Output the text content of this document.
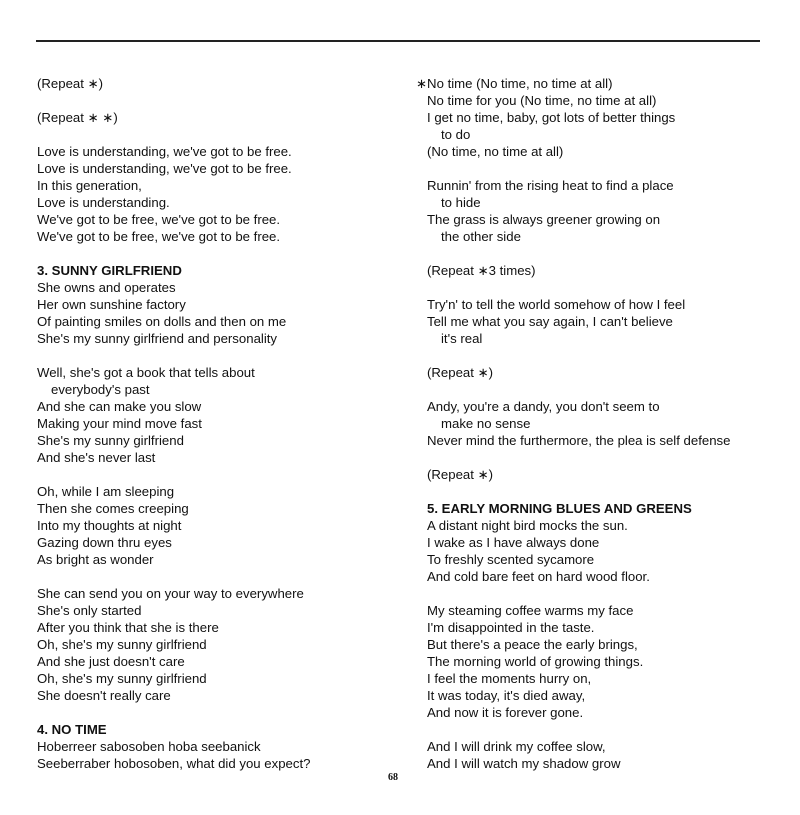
(Repeat ∗)
(Repeat ∗ ∗)
Love is understanding, we've got to be free.
Love is understanding, we've got to be free.
In this generation,
Love is understanding.
We've got to be free, we've got to be free.
We've got to be free, we've got to be free.
3. SUNNY GIRLFRIEND
She owns and operates
Her own sunshine factory
Of painting smiles on dolls and then on me
She's my sunny girlfriend and personality
Well, she's got a book that tells about
everybody's past
And she can make you slow
Making your mind move fast
She's my sunny girlfriend
And she's never last
Oh, while I am sleeping
Then she comes creeping
Into my thoughts at night
Gazing down thru eyes
As bright as wonder
She can send you on your way to everywhere
She's only started
After you think that she is there
Oh, she's my sunny girlfriend
And she just doesn't care
Oh, she's my sunny girlfriend
She doesn't really care
4. NO TIME
Hoberreer sabosoben hoba seebanick
Seeberraber hobosoben, what did you expect?
∗No time (No time, no time at all)
No time for you (No time, no time at all)
I get no time, baby, got lots of better things
to do
(No time, no time at all)
Runnin' from the rising heat to find a place
to hide
The grass is always greener growing on
the other side
(Repeat ∗3 times)
Try'n' to tell the world somehow of how I feel
Tell me what you say again, I can't believe
it's real
(Repeat ∗)
Andy, you're a dandy, you don't seem to
make no sense
Never mind the furthermore, the plea is self defense
(Repeat ∗)
5. EARLY MORNING BLUES AND GREENS
A distant night bird mocks the sun.
I wake as I have always done
To freshly scented sycamore
And cold bare feet on hard wood floor.
My steaming coffee warms my face
I'm disappointed in the taste.
But there's a peace the early brings,
The morning world of growing things.
I feel the moments hurry on,
It was today, it's died away,
And now it is forever gone.
And I will drink my coffee slow,
And I will watch my shadow grow
68
